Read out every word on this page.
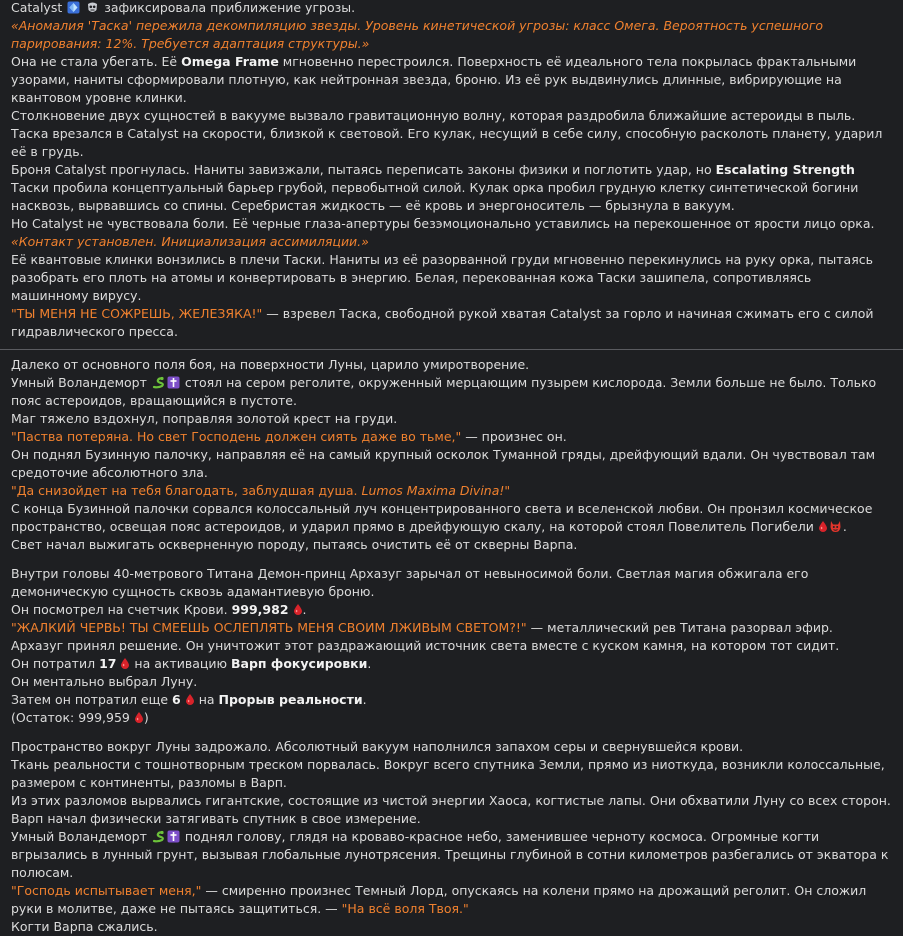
Catalyst	зафиксировала приближение угрозы.

«Аномалия 'Таска' пережила декомпиляцию звезды. Уровень кинетической угрозы: класс Омега. Вероятность успешного парирования: 12%. Требуется адаптация структуры.»

Она не стала убегать. Её Omega Frame мгновенно перестроился. Поверхность её идеального тела покрылась фрактальными узорами, наниты сформировали плотную, как нейтронная звезда, броню. Из её рук выдвинулись длинные, вибрирующие на квантовом уровне клинки.

Столкновение двух сущностей в вакууме вызвало гравитационную волну, которая раздробила ближайшие астероиды в пыль.

Таска врезался в Catalyst на скорости, близкой к световой. Его кулак, несущий в себе силу, способную расколоть планету, ударил её в грудь.

Броня Catalyst прогнулась. Наниты завизжали, пытаясь переписать законы физики и поглотить удар, но Escalating Strength Таски пробила концептуальный барьер грубой, первобытной силой. Кулак орка пробил грудную клетку синтетической богини насквозь, вырвавшись со спины. Серебристая жидкость — её кровь и энергоноситель — брызнула в вакуум.

Но Catalyst не чувствовала боли. Её черные глаза-апертуры безэмоционально уставились на перекошенное от ярости лицо орка.

«Контакт установлен. Инициализация ассимиляции.»

Её квантовые клинки вонзились в плечи Таски. Наниты из её разорванной груди мгновенно перекинулись на руку орка, пытаясь разобрать его плоть на атомы и конвертировать в энергию. Белая, перекованная кожа Таски зашипела, сопротивляясь машинному вирусу.

"ТЫ МЕНЯ НЕ СОЖРЕШЬ, ЖЕЛЕЗЯКА!" — взревел Таска, свободной рукой хватая Catalyst за горло и начиная сжимать его с силой гидравлического пресса.

Далеко от основного поля боя, на поверхности Луны, царило умиротворение.

Умный Воландеморт  стоял на сером реголите, окруженный мерцающим пузырем кислорода. Земли больше не было. Только пояс астероидов, вращающийся в пустоте.

Маг тяжело вздохнул, поправляя золотой крест на груди.

"Паства потеряна. Но свет Господень должен сиять даже во тьме," — произнес он.

Он поднял Бузинную палочку, направляя её на самый крупный осколок Туманной гряды, дрейфующий вдали. Он чувствовал там средоточие абсолютного зла.

"Да снизойдет на тебя благодать, заблудшая душа. Lumos Maxima Divina!"

С конца Бузинной палочки сорвался колоссальный луч концентрированного света и вселенской любви. Он пронзил космическое пространство, освещая пояс астероидов, и ударил прямо в дрейфующую скалу, на которой стоял Повелитель Погибели .

Свет начал выжигать оскверненную породу, пытаясь очистить её от скверны Варпа.

Внутри головы 40-метрового Титана Демон-принц Архазуг зарычал от невыносимой боли. Светлая магия обжигала его демоническую сущность сквозь адамантиевую броню.

Он посмотрел на счетчик Крови. 999,982 .

"ЖАЛКИЙ ЧЕРВЬ! ТЫ СМЕЕШЬ ОСЛЕПЛЯТЬ МЕНЯ СВОИМ ЛЖИВЫМ СВЕТОМ?!" — металлический рев Титана разорвал эфир.

Архазуг принял решение. Он уничтожит этот раздражающий источник света вместе с куском камня, на котором тот сидит.

Он потратил 17  на активацию Варп фокусировки.

Он ментально выбрал Луну.

Затем он потратил еще 6  на Прорыв реальности.

(Остаток: 999,959 )

Пространство вокруг Луны задрожало. Абсолютный вакуум наполнился запахом серы и свернувшейся крови.

Ткань реальности с тошнотворным треском порвалась. Вокруг всего спутника Земли, прямо из ниоткуда, возникли колоссальные, размером с континенты, разломы в Варп.

Из этих разломов вырвались гигантские, состоящие из чистой энергии Хаоса, когтистые лапы. Они обхватили Луну со всех сторон. Варп начал физически затягивать спутник в свое измерение.

Умный Воландеморт  поднял голову, глядя на кроваво-красное небо, заменившее черноту космоса. Огромные когти вгрызались в лунный грунт, вызывая глобальные лунотрясения. Трещины глубиной в сотни километров разбегались от экватора к полюсам.

"Господь испытывает меня," — смиренно произнес Темный Лорд, опускаясь на колени прямо на дрожащий реголит. Он сложил руки в молитве, даже не пытаясь защититься. — "На всё воля Твоя."

Когти Варпа сжались.
